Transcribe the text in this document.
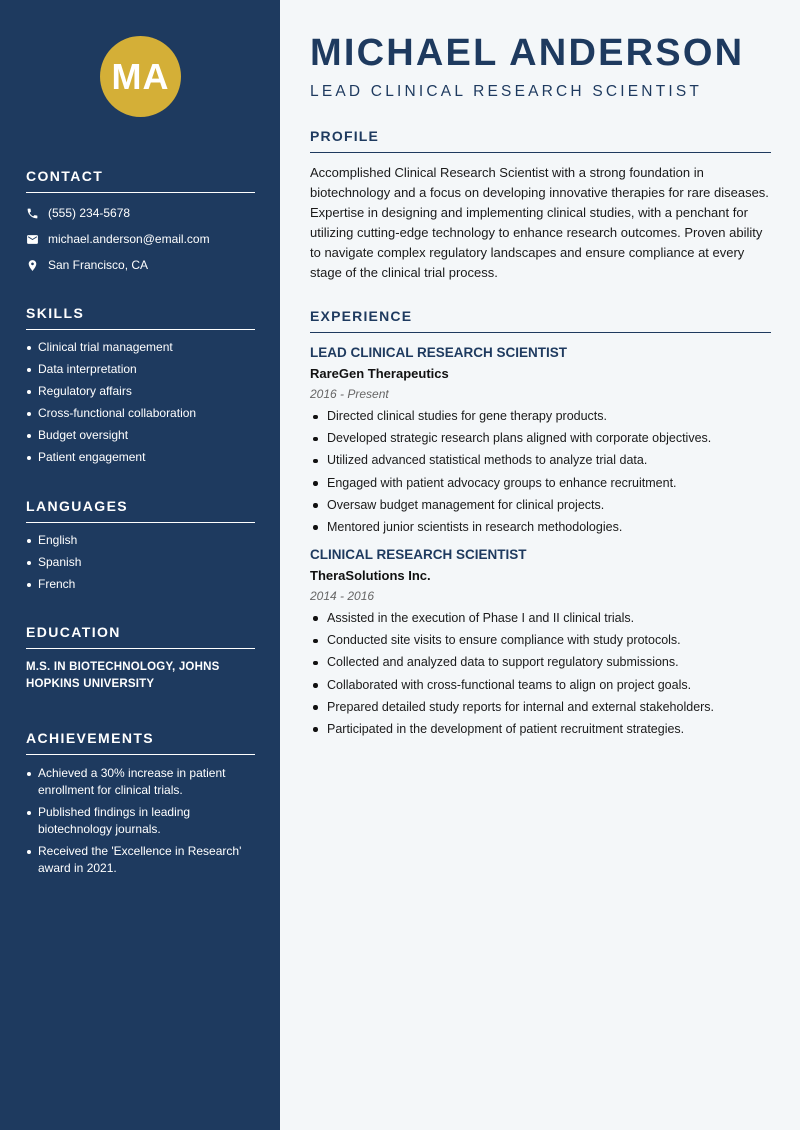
MA
CONTACT
(555) 234-5678
michael.anderson@email.com
San Francisco, CA
SKILLS
Clinical trial management
Data interpretation
Regulatory affairs
Cross-functional collaboration
Budget oversight
Patient engagement
LANGUAGES
English
Spanish
French
EDUCATION
M.S. IN BIOTECHNOLOGY, JOHNS HOPKINS UNIVERSITY
ACHIEVEMENTS
Achieved a 30% increase in patient enrollment for clinical trials.
Published findings in leading biotechnology journals.
Received the 'Excellence in Research' award in 2021.
MICHAEL ANDERSON
LEAD CLINICAL RESEARCH SCIENTIST
PROFILE

Accomplished Clinical Research Scientist with a strong foundation in biotechnology and a focus on developing innovative therapies for rare diseases. Expertise in designing and implementing clinical studies, with a penchant for utilizing cutting-edge technology to enhance research outcomes. Proven ability to navigate complex regulatory landscapes and ensure compliance at every stage of the clinical trial process.

EXPERIENCE
LEAD CLINICAL RESEARCH SCIENTIST
RareGen Therapeutics
2016 - Present
Directed clinical studies for gene therapy products.
Developed strategic research plans aligned with corporate objectives.
Utilized advanced statistical methods to analyze trial data.
Engaged with patient advocacy groups to enhance recruitment.
Oversaw budget management for clinical projects.
Mentored junior scientists in research methodologies.
CLINICAL RESEARCH SCIENTIST
TheraSolutions Inc.
2014 - 2016
Assisted in the execution of Phase I and II clinical trials.
Conducted site visits to ensure compliance with study protocols.
Collected and analyzed data to support regulatory submissions.
Collaborated with cross-functional teams to align on project goals.
Prepared detailed study reports for internal and external stakeholders.
Participated in the development of patient recruitment strategies.
